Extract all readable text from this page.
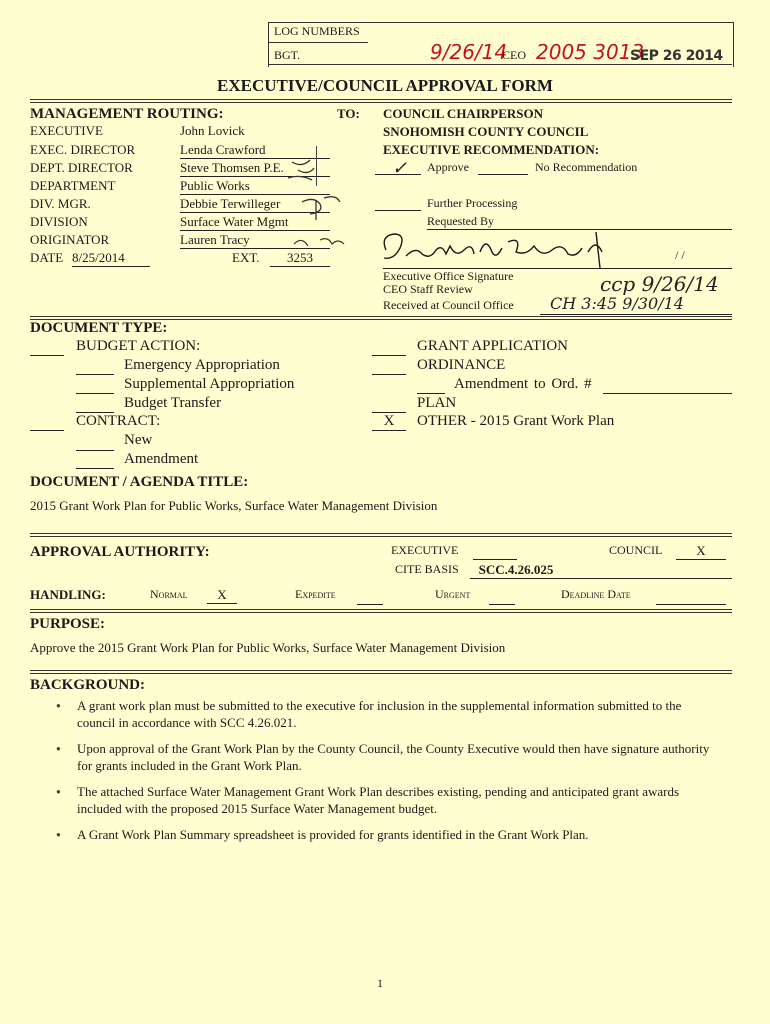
LOG NUMBERS
BGT.	9/26/14
CEO 2005 3013
SEP 26 2014
EXECUTIVE/COUNCIL APPROVAL FORM
MANAGEMENT ROUTING:	TO:
EXECUTIVE	John Lovick
EXEC. DIRECTOR	Lenda Crawford
DEPT. DIRECTOR	Steve Thomsen P.E.
DEPARTMENT	Public Works
DIV. MGR.	Debbie Terwilleger
DIVISION	Surface Water Mgmt
ORIGINATOR	Lauren Tracy
DATE 8/25/2014	EXT.	3253
COUNCIL CHAIRPERSON
SNOHOMISH COUNTY COUNCIL
EXECUTIVE RECOMMENDATION:
✓ Approve	No Recommendation
Further Processing
Requested By
/ /
Executive Office Signature
CEO Staff Review	ccp 9/26/14
Received at Council Office CH 3:45 9/30/14
DOCUMENT TYPE:
BUDGET ACTION:
Emergency Appropriation
Supplemental Appropriation
Budget Transfer
CONTRACT:
New
Amendment
GRANT APPLICATION
ORDINANCE
Amendment to Ord. #
PLAN
X	OTHER - 2015 Grant Work Plan
DOCUMENT / AGENDA TITLE:
2015 Grant Work Plan for Public Works, Surface Water Management Division
APPROVAL AUTHORITY:	EXECUTIVE	COUNCIL	X
CITE BASIS	SCC.4.26.025
HANDLING:	Normal	X	Expedite	Urgent	Deadline Date
PURPOSE:
Approve the 2015 Grant Work Plan for Public Works, Surface Water Management Division
BACKGROUND:
● A grant work plan must be submitted to the executive for inclusion in the supplemental information submitted to the council in accordance with SCC 4.26.021.
● Upon approval of the Grant Work Plan by the County Council, the County Executive would then have signature authority for grants included in the Grant Work Plan.
● The attached Surface Water Management Grant Work Plan describes existing, pending and anticipated grant awards included with the proposed 2015 Surface Water Management budget.
● A Grant Work Plan Summary spreadsheet is provided for grants identified in the Grant Work Plan.
1
